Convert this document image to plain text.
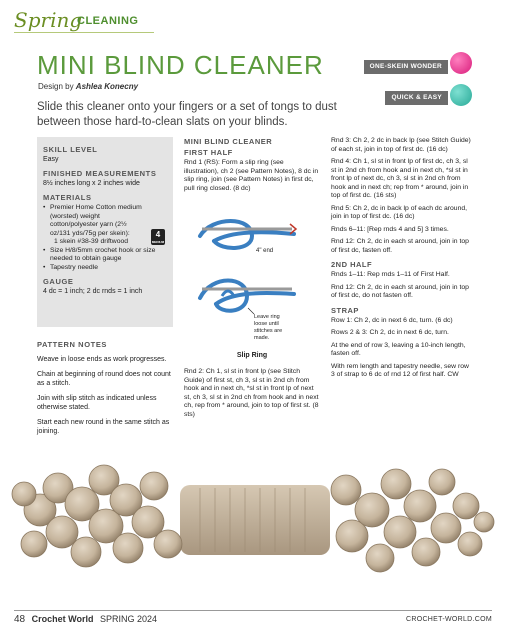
Spring
CLEANING
MINI BLIND CLEANER
Design by Ashlea Konecny
ONE-SKEIN WONDER
QUICK & EASY
Slide this cleaner onto your fingers or a set of tongs to dust between those hard-to-clean slats on your blinds.
SKILL LEVEL
Easy
FINISHED MEASUREMENTS
8½ inches long x 2 inches wide
MATERIALS
• Premier Home Cotton medium (worsted) weight cotton/polyester yarn (2½ oz/131 yds/75g per skein):
1 skein #38-39 driftwood
• Size H/8/5mm crochet hook or size needed to obtain gauge
• Tapestry needle
4
MEDIUM
GAUGE
4 dc = 1 inch; 2 dc rnds = 1 inch
PATTERN NOTES
Weave in loose ends as work progresses.
Chain at beginning of round does not count as a stitch.
Join with slip stitch as indicated unless otherwise stated.
Start each new round in the same stitch as joining.
MINI BLIND CLEANER
FIRST HALF
Rnd 1 (RS): Form a slip ring (see illustration), ch 2 (see Pattern Notes), 8 dc in slip ring, join (see Pattern Notes) in first dc, pull ring closed. (8 dc)
4" end
Leave ring loose until stitches are made.
Slip Ring
Rnd 2: Ch 1, sl st in front lp (see Stitch Guide) of first st, ch 3, sl st in 2nd ch from hook and in next ch, *sl st in front lp of next st, ch 3, sl st in 2nd ch from hook and in next ch, rep from * around, join to top of first st. (8 sts)
Rnd 3: Ch 2, 2 dc in back lp (see Stitch Guide) of each st, join in top of first dc. (16 dc)
Rnd 4: Ch 1, sl st in front lp of first dc, ch 3, sl st in 2nd ch from hook and in next ch, *sl st in front lp of next dc, ch 3, sl st in 2nd ch from hook and in next ch; rep from * around, join in top of first dc. (16 sts)
Rnd 5: Ch 2, dc in back lp of each dc around, join in top of first dc. (16 dc)
Rnds 6–11: [Rep rnds 4 and 5] 3 times.
Rnd 12: Ch 2, dc in each st around, join in top of first dc, fasten off.
2ND HALF
Rnds 1–11: Rep rnds 1–11 of First Half.
Rnd 12: Ch 2, dc in each st around, join in top of first dc, do not fasten off.
STRAP
Row 1: Ch 2, dc in next 6 dc, turn. (6 dc)
Rows 2 & 3: Ch 2, dc in next 6 dc, turn.
At the end of row 3, leaving a 10-inch length, fasten off.
With rem length and tapestry needle, sew row 3 of strap to 6 dc of rnd 12 of first half. CW
48 Crochet World SPRING 2024	CROCHET-WORLD.COM
